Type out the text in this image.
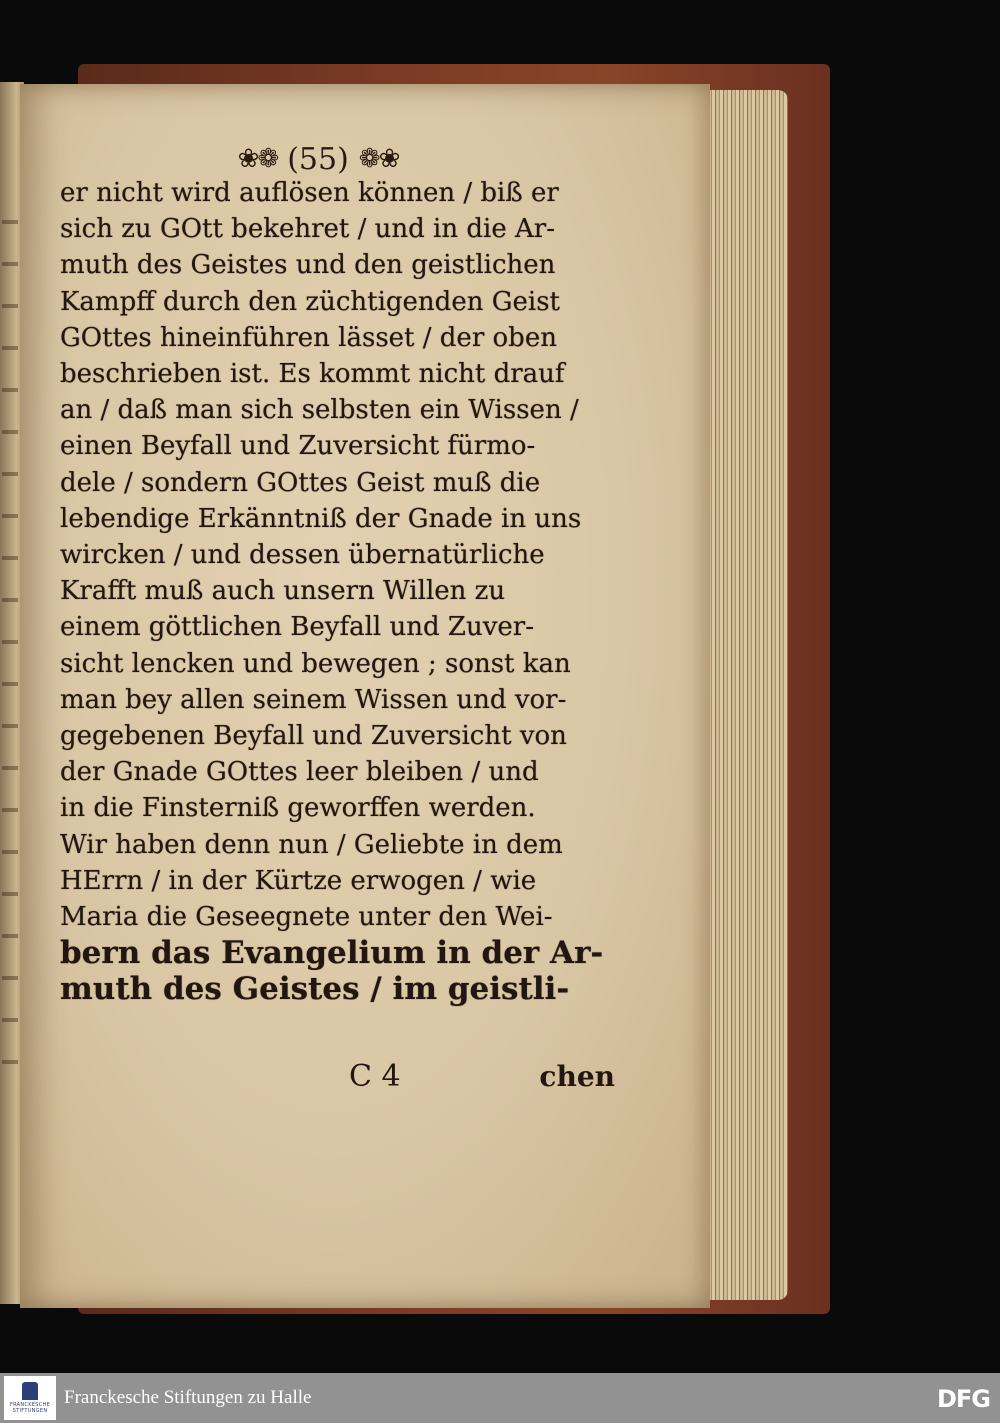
❀❁ (55) ❁❀
er nicht wird auflösen können / biß er
sich zu GOtt bekehret / und in die Ar-
muth des Geistes und den geistlichen
Kampff durch den züchtigenden Geist
GOttes hineinführen lässet / der oben
beschrieben ist. Es kommt nicht drauf
an / daß man sich selbsten ein Wissen /
einen Beyfall und Zuversicht fürmo-
dele / sondern GOttes Geist muß die
lebendige Erkänntniß der Gnade in uns
wircken / und dessen übernatürliche
Krafft muß auch unsern Willen zu
einem göttlichen Beyfall und Zuver-
sicht lencken und bewegen ; sonst kan
man bey allen seinem Wissen und vor-
gegebenen Beyfall und Zuversicht von
der Gnade GOttes leer bleiben / und
in die Finsterniß geworffen werden.
Wir haben denn nun / Geliebte in dem
HErrn / in der Kürtze erwogen / wie
Maria die Geseegnete unter den Wei-
bern das Evangelium in der Ar-
muth des Geistes / im geistli-
C 4	chen
FRANCKESCHE
STIFTUNGEN
Franckesche Stiftungen zu Halle	DFG
